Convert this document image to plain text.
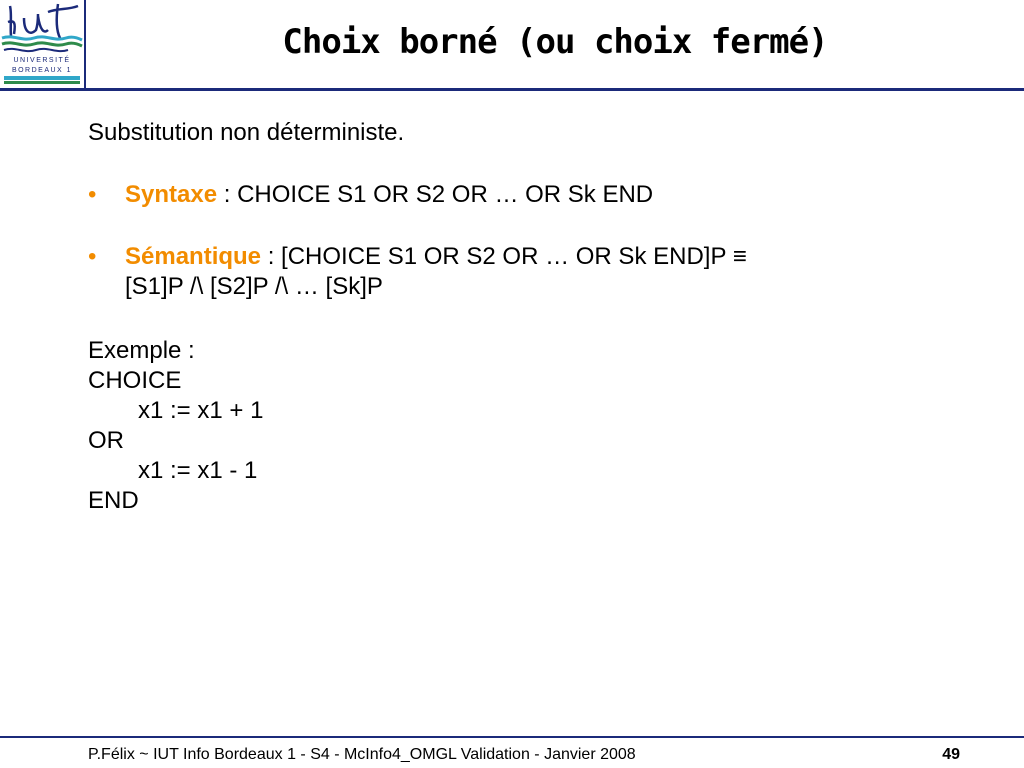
UNIVERSITÉ
BORDEAUX 1
Choix borné (ou choix fermé)

Substitution non déterministe.

• Syntaxe : CHOICE S1 OR S2 OR … OR Sk END
• Sémantique : [CHOICE S1 OR S2 OR … OR Sk END]P ≡
[S1]P /\ [S2]P /\ … [Sk]P
Exemple :
CHOICE
x1 := x1 + 1
OR
x1 := x1 - 1
END
P.Félix ~ IUT Info Bordeaux 1 - S4 - McInfo4_OMGL Validation - Janvier 2008	49
